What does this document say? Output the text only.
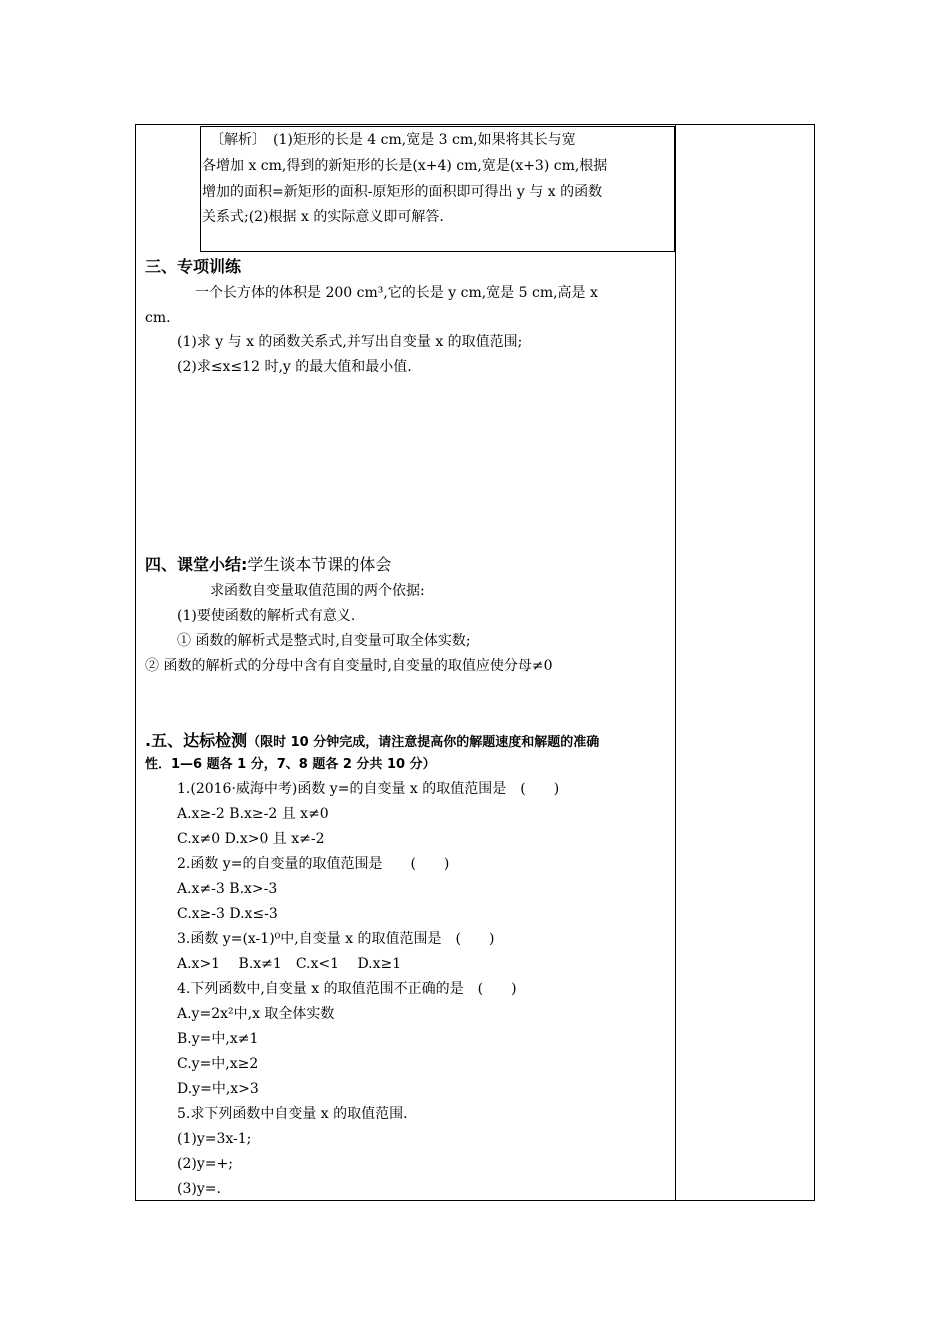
〔解析〕　(1)矩形的长是 4 cm,宽是 3 cm,如果将其长与宽
各增加 x cm,得到的新矩形的长是(x+4) cm,宽是(x+3) cm,根据
增加的面积=新矩形的面积-原矩形的面积即可得出 y 与 x 的函数
关系式;(2)根据 x 的实际意义即可解答.
三、专项训练
一个长方体的体积是 200 cm³,它的长是 y cm,宽是 5 cm,高是 x
cm.
(1)求 y 与 x 的函数关系式,并写出自变量 x 的取值范围;
(2)求≤x≤12 时,y 的最大值和最小值.
四、课堂小结:学生谈本节课的体会
求函数自变量取值范围的两个依据:
(1)要使函数的解析式有意义.
① 函数的解析式是整式时,自变量可取全体实数;
② 函数的解析式的分母中含有自变量时,自变量的取值应使分母≠0
.五、达标检测（限时 10 分钟完成，请注意提高你的解题速度和解题的准确
性．1—6 题各 1 分，7、8 题各 2 分共 10 分）
1.(2016·威海中考)函数 y=的自变量 x 的取值范围是　(　　)
A.x≥-2 B.x≥-2 且 x≠0
C.x≠0 D.x>0 且 x≠-2
2.函数 y=的自变量的取值范围是　　(　　)
A.x≠-3 B.x>-3
C.x≥-3 D.x≤-3
3.函数 y=(x-1)⁰中,自变量 x 的取值范围是　(　　)
A.x>1　 B.x≠1　C.x<1　 D.x≥1
4.下列函数中,自变量 x 的取值范围不正确的是　(　　)
A.y=2x²中,x 取全体实数
B.y=中,x≠1
C.y=中,x≥2
D.y=中,x>3
5.求下列函数中自变量 x 的取值范围.
(1)y=3x-1;
(2)y=+;
(3)y=.
